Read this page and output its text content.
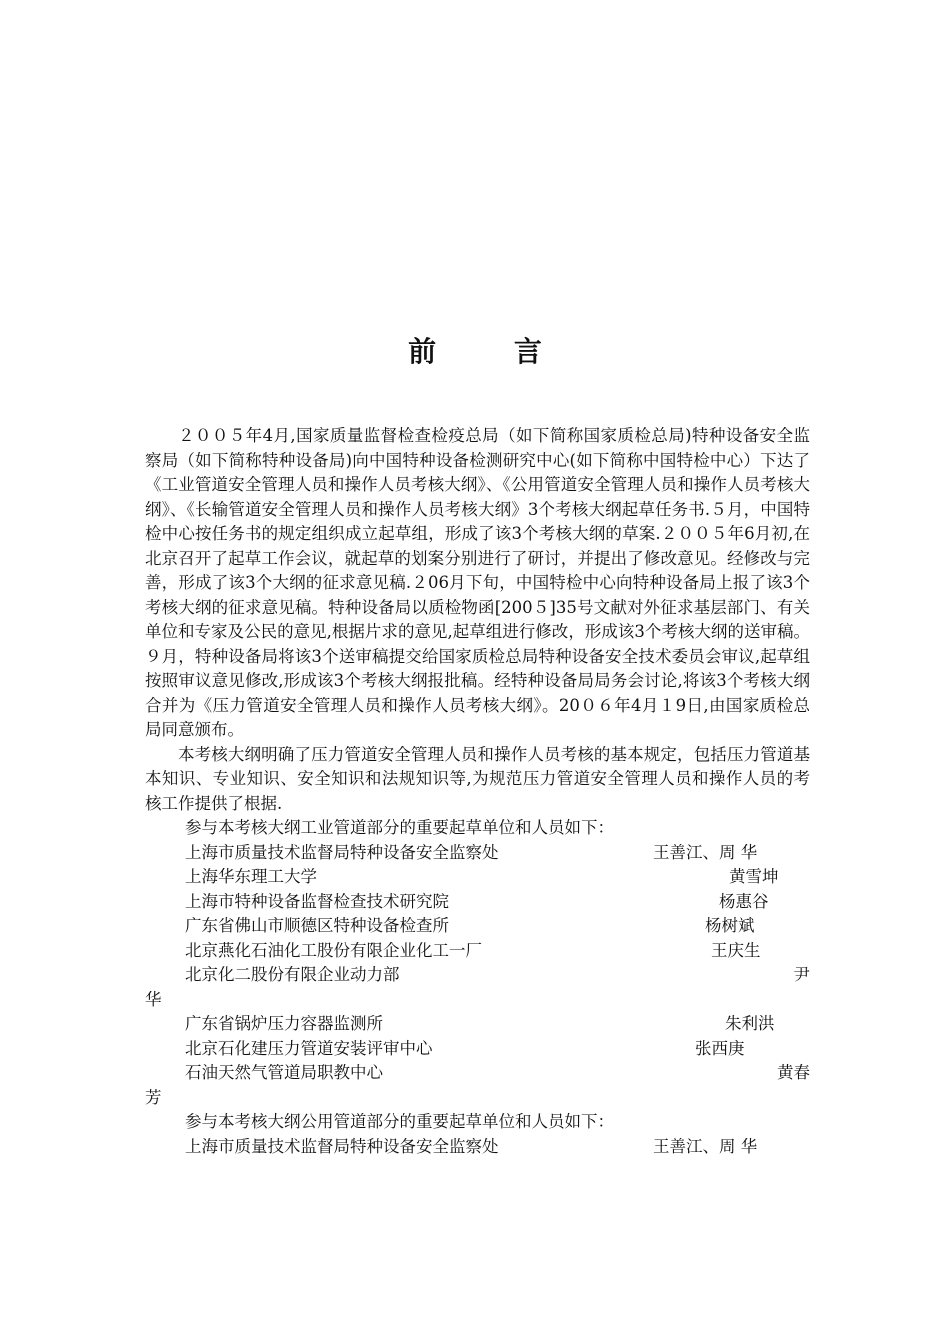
前 言

２００５年4月,国家质量监督检查检疫总局（如下简称国家质检总局)特种设备安全监察局（如下简称特种设备局)向中国特种设备检测研究中心(如下简称中国特检中心）下达了《工业管道安全管理人员和操作人员考核大纲》、《公用管道安全管理人员和操作人员考核大纲》、《长输管道安全管理人员和操作人员考核大纲》3个考核大纲起草任务书.５月，中国特检中心按任务书的规定组织成立起草组，形成了该3个考核大纲的草案.２００５年6月初,在北京召开了起草工作会议，就起草的划案分别进行了研讨，并提出了修改意见。经修改与完善，形成了该3个大纲的征求意见稿.２06月下旬，中国特检中心向特种设备局上报了该3个考核大纲的征求意见稿。特种设备局以质检物函[200５]35号文献对外征求基层部门、有关单位和专家及公民的意见,根据片求的意见,起草组进行修改，形成该3个考核大纲的送审稿。９月，特种设备局将该3个送审稿提交给国家质检总局特种设备安全技术委员会审议,起草组按照审议意见修改,形成该3个考核大纲报批稿。经特种设备局局务会讨论,将该3个考核大纲合并为《压力管道安全管理人员和操作人员考核大纲》。20０６年4月１9日,由国家质检总局同意颁布。

本考核大纲明确了压力管道安全管理人员和操作人员考核的基本规定，包括压力管道基本知识、专业知识、安全知识和法规知识等,为规范压力管道安全管理人员和操作人员的考核工作提供了根据.

参与本考核大纲工业管道部分的重要起草单位和人员如下：

上海市质量技术监督局特种设备安全监察处	王善江、周 华
上海华东理工大学	黄雪坤
上海市特种设备监督检查技术研究院	杨惠谷
广东省佛山市顺德区特种设备检查所	杨树斌
北京燕化石油化工股份有限企业化工一厂	王庆生
北京化二股份有限企业动力部	尹
华
广东省锅炉压力容器监测所	朱利洪
北京石化建压力管道安装评审中心	张西庚
石油天然气管道局职教中心	黄春
芳

参与本考核大纲公用管道部分的重要起草单位和人员如下：

上海市质量技术监督局特种设备安全监察处	王善江、周 华
